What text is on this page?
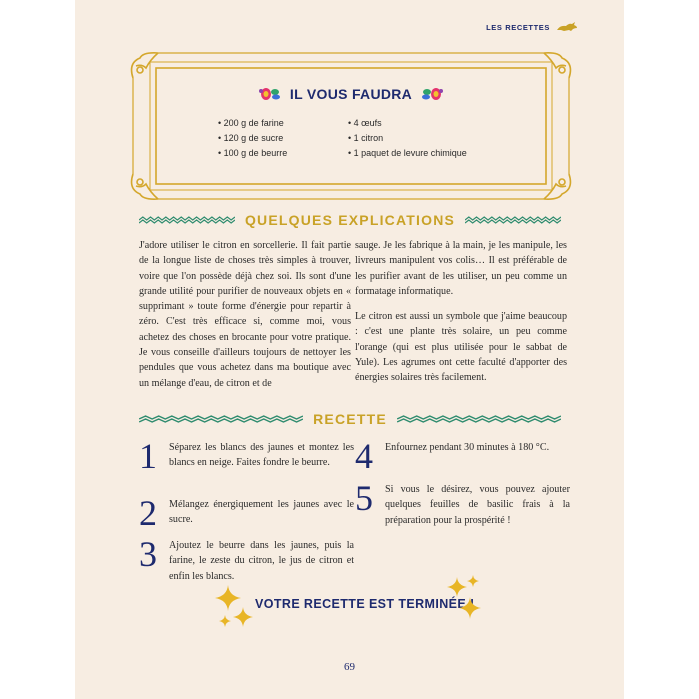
LES RECETTES
IL VOUS FAUDRA
• 200 g de farine
• 120 g de sucre
• 100 g de beurre
• 4 œufs
• 1 citron
• 1 paquet de levure chimique
QUELQUES EXPLICATIONS

J'adore utiliser le citron en sorcellerie. Il fait partie de la longue liste de choses très simples à trouver, voire que l'on possède déjà chez soi. Ils sont d'une grande utilité pour purifier de nouveaux objets en « supprimant » toute forme d'énergie pour repartir à zéro. C'est très efficace si, comme moi, vous achetez des choses en brocante pour votre pratique. Je vous conseille d'ailleurs toujours de nettoyer les pendules que vous achetez dans ma boutique avec un mélange d'eau, de citron et de

sauge. Je les fabrique à la main, je les manipule, les livreurs manipulent vos colis… Il est préférable de les purifier avant de les utiliser, un peu comme un formatage informatique.

Le citron est aussi un symbole que j'aime beaucoup : c'est une plante très solaire, un peu comme l'orange (qui est plus utilisée pour le sabbat de Yule). Les agrumes ont cette faculté d'apporter des énergies solaires très facilement.

RECETTE
1 Séparez les blancs des jaunes et montez les blancs en neige. Faites fondre le beurre.
2 Mélangez énergiquement les jaunes avec le sucre.
3 Ajoutez le beurre dans les jaunes, puis la farine, le zeste du citron, le jus de citron et enfin les blancs.
4 Enfournez pendant 30 minutes à 180 °C.
5 Si vous le désirez, vous pouvez ajouter quelques feuilles de basilic frais à la préparation pour la prospérité !
VOTRE RECETTE EST TERMINÉE !
69
